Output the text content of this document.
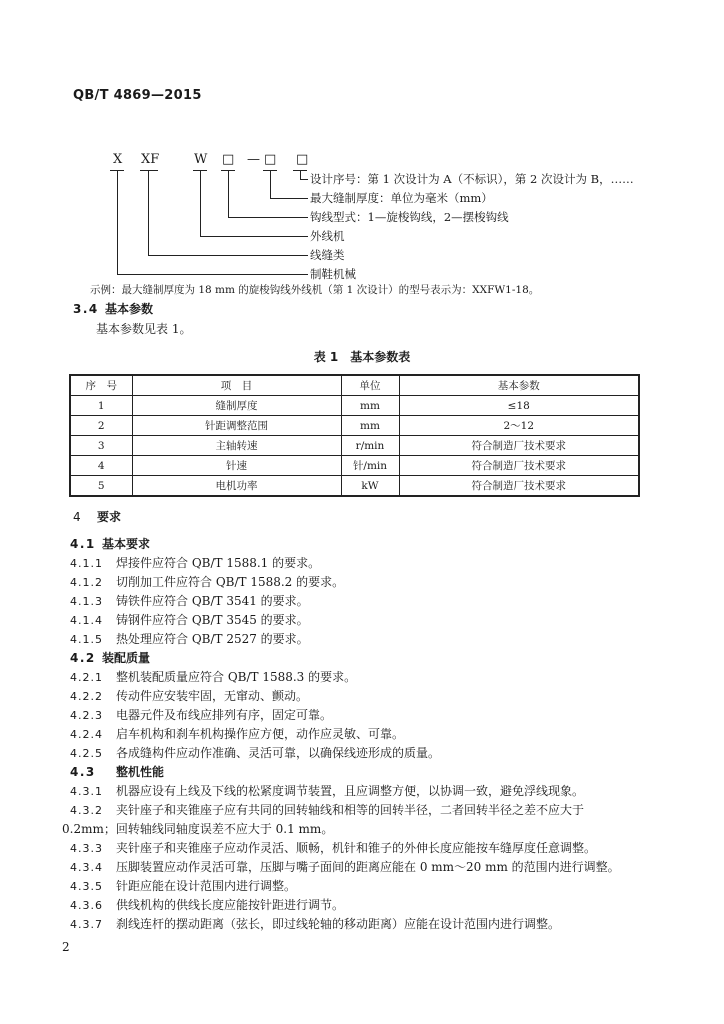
QB/T 4869—2015
X XF	W □ — □ □
设计序号：第 1 次设计为 A（不标识），第 2 次设计为 B，……
最大缝制厚度：单位为毫米（mm）
钩线型式：1—旋梭钩线，2—摆梭钩线
外线机
线缝类
制鞋机械
示例：最大缝制厚度为 18 mm 的旋梭钩线外线机（第 1 次设计）的型号表示为：XXFW1-18。
3.4 基本参数
基本参数见表 1。
表 1　基本参数表
序　号	项　目	单位	基本参数
1	缝制厚度	mm	≤18
2	针距调整范围	mm	2～12
3	主轴转速	r/min	符合制造厂技术要求
4	针速	针/min	符合制造厂技术要求
5	电机功率	kW	符合制造厂技术要求
4 要求
4.1 基本要求
4.1.1 焊接件应符合 QB/T 1588.1 的要求。
4.1.2 切削加工件应符合 QB/T 1588.2 的要求。
4.1.3 铸铁件应符合 QB/T 3541 的要求。
4.1.4 铸钢件应符合 QB/T 3545 的要求。
4.1.5 热处理应符合 QB/T 2527 的要求。
4.2 装配质量
4.2.1 整机装配质量应符合 QB/T 1588.3 的要求。
4.2.2 传动件应安装牢固，无窜动、颤动。
4.2.3 电器元件及布线应排列有序，固定可靠。
4.2.4 启车机构和刹车机构操作应方便，动作应灵敏、可靠。
4.2.5 各成缝构件应动作准确、灵活可靠，以确保线迹形成的质量。
4.3 整机性能
4.3.1 机器应设有上线及下线的松紧度调节装置，且应调整方便，以协调一致，避免浮线现象。
4.3.2 夹针座子和夹锥座子应有共同的回转轴线和相等的回转半径，二者回转半径之差不应大于
0.2mm；回转轴线同轴度误差不应大于 0.1 mm。
4.3.3 夹针座子和夹锥座子应动作灵活、顺畅，机针和锥子的外伸长度应能按车缝厚度任意调整。
4.3.4 压脚装置应动作灵活可靠，压脚与嘴子面间的距离应能在 0 mm～20 mm 的范围内进行调整。
4.3.5 针距应能在设计范围内进行调整。
4.3.6 供线机构的供线长度应能按针距进行调节。
4.3.7 刹线连杆的摆动距离（弦长，即过线轮轴的移动距离）应能在设计范围内进行调整。
2
